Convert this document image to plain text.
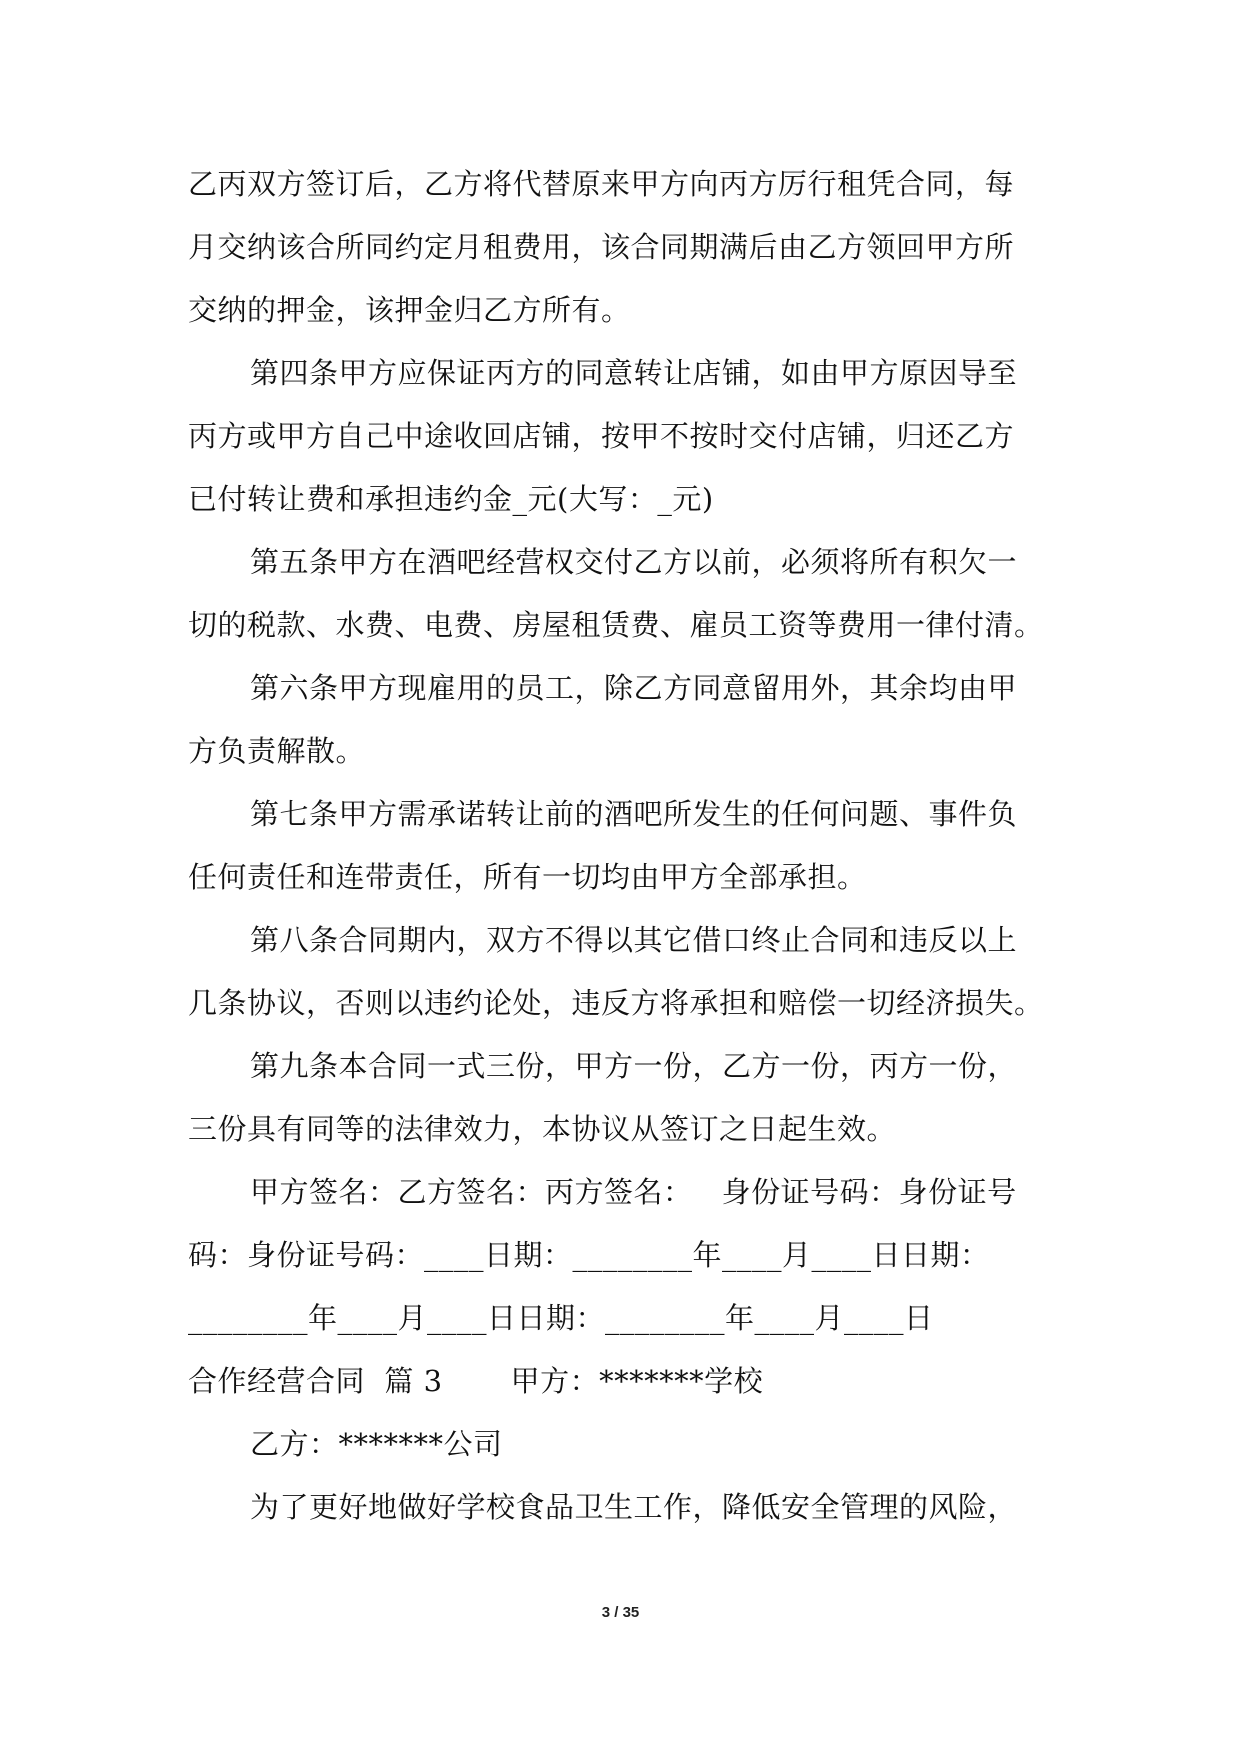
乙丙双方签订后，乙方将代替原来甲方向丙方厉行租凭合同，每
月交纳该合所同约定月租费用，该合同期满后由乙方领回甲方所
交纳的押金，该押金归乙方所有。
第四条甲方应保证丙方的同意转让店铺，如由甲方原因导至
丙方或甲方自己中途收回店铺，按甲不按时交付店铺，归还乙方
已付转让费和承担违约金_元(大写：_元)
第五条甲方在酒吧经营权交付乙方以前，必须将所有积欠一
切的税款、水费、电费、房屋租赁费、雇员工资等费用一律付清。
第六条甲方现雇用的员工，除乙方同意留用外，其余均由甲
方负责解散。
第七条甲方需承诺转让前的酒吧所发生的任何问题、事件负
任何责任和连带责任，所有一切均由甲方全部承担。
第八条合同期内，双方不得以其它借口终止合同和违反以上
几条协议，否则以违约论处，违反方将承担和赔偿一切经济损失。
第九条本合同一式三份，甲方一份，乙方一份，丙方一份，
三份具有同等的法律效力，本协议从签订之日起生效。
甲方签名：乙方签名：丙方签名：   身份证号码：身份证号
码：身份证号码：____日期：________年____月____日日期：
________年____月____日日期：________年____月____日
合作经营合同  篇 3       甲方：*******学校
乙方：*******公司
为了更好地做好学校食品卫生工作，降低安全管理的风险，
3 / 35
